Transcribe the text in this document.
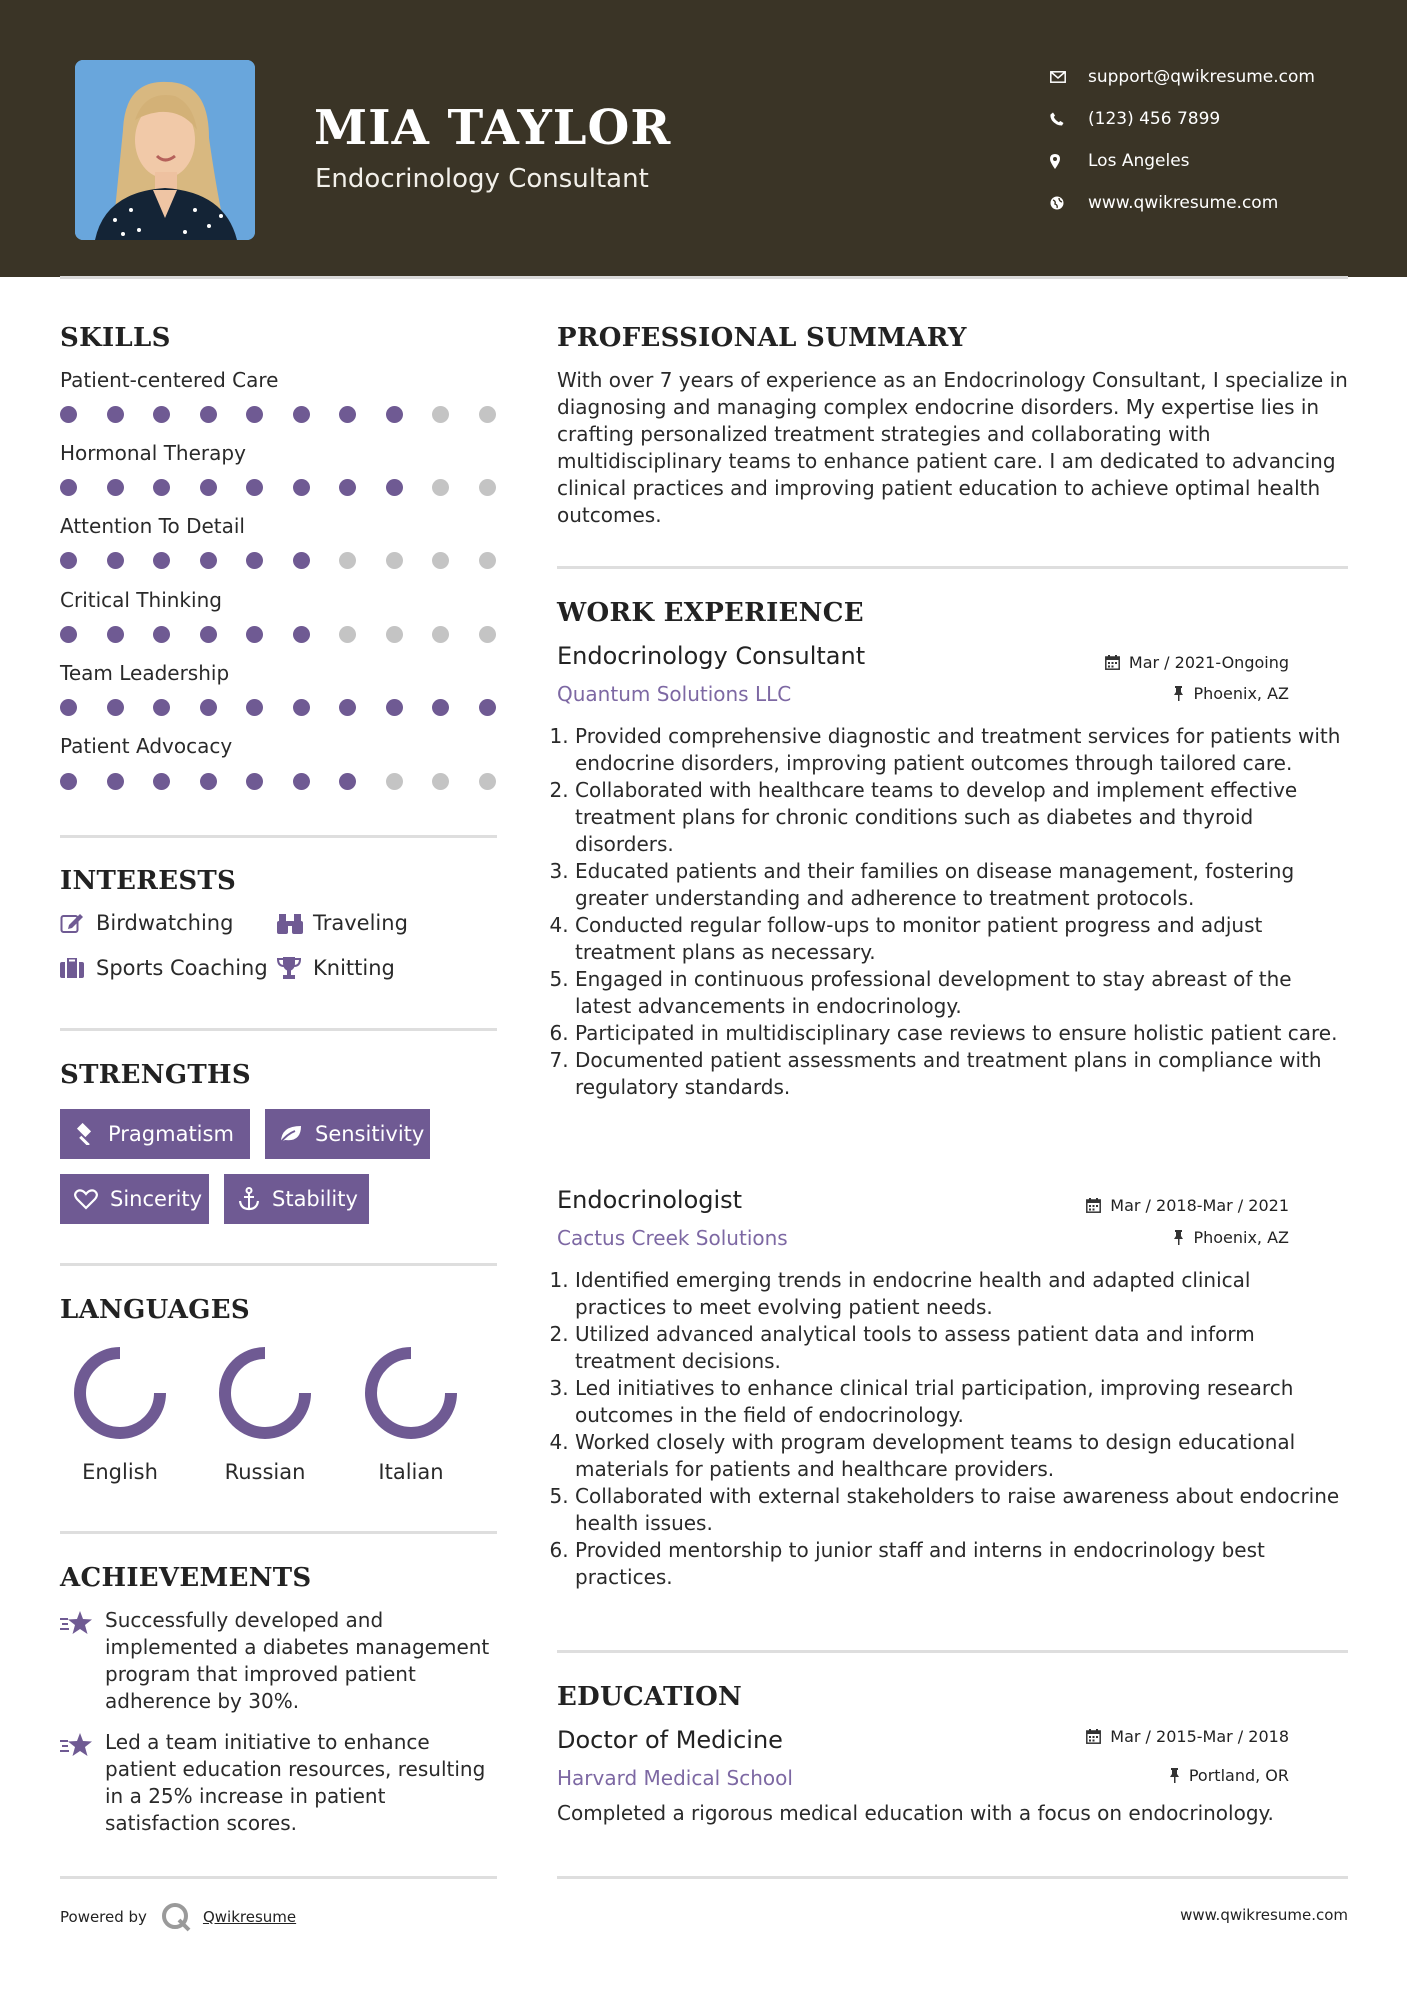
MIA TAYLOR
Endocrinology Consultant
support@qwikresume.com
(123) 456 7899
Los Angeles
www.qwikresume.com
SKILLS
Patient-centered Care
Hormonal Therapy
Attention To Detail
Critical Thinking
Team Leadership
Patient Advocacy
INTERESTS
Birdwatching	Traveling
Sports Coaching Knitting
STRENGTHS
Pragmatism	Sensitivity
Sincerity	Stability
LANGUAGES
English	Russian	Italian
ACHIEVEMENTS
Successfully developed and implemented a diabetes management program that improved patient adherence by 30%.
Led a team initiative to enhance patient education resources, resulting in a 25% increase in patient satisfaction scores.
PROFESSIONAL SUMMARY
With over 7 years of experience as an Endocrinology Consultant, I specialize in diagnosing and managing complex endocrine disorders. My expertise lies in crafting personalized treatment strategies and collaborating with multidisciplinary teams to enhance patient care. I am dedicated to advancing clinical practices and improving patient education to achieve optimal health outcomes.
WORK EXPERIENCE
Endocrinology Consultant
Quantum Solutions LLC
Mar / 2021-Ongoing
Phoenix, AZ
1. Provided comprehensive diagnostic and treatment services for patients with endocrine disorders, improving patient outcomes through tailored care.
2. Collaborated with healthcare teams to develop and implement effective treatment plans for chronic conditions such as diabetes and thyroid disorders.
3. Educated patients and their families on disease management, fostering greater understanding and adherence to treatment protocols.
4. Conducted regular follow-ups to monitor patient progress and adjust treatment plans as necessary.
5. Engaged in continuous professional development to stay abreast of the latest advancements in endocrinology.
6. Participated in multidisciplinary case reviews to ensure holistic patient care.
7. Documented patient assessments and treatment plans in compliance with regulatory standards.
Endocrinologist
Cactus Creek Solutions
Mar / 2018-Mar / 2021
Phoenix, AZ
1. Identified emerging trends in endocrine health and adapted clinical practices to meet evolving patient needs.
2. Utilized advanced analytical tools to assess patient data and inform treatment decisions.
3. Led initiatives to enhance clinical trial participation, improving research outcomes in the field of endocrinology.
4. Worked closely with program development teams to design educational materials for patients and healthcare providers.
5. Collaborated with external stakeholders to raise awareness about endocrine health issues.
6. Provided mentorship to junior staff and interns in endocrinology best practices.
EDUCATION
Doctor of Medicine
Harvard Medical School
Mar / 2015-Mar / 2018
Portland, OR
Completed a rigorous medical education with a focus on endocrinology.
Powered by	Qwikresume	www.qwikresume.com
